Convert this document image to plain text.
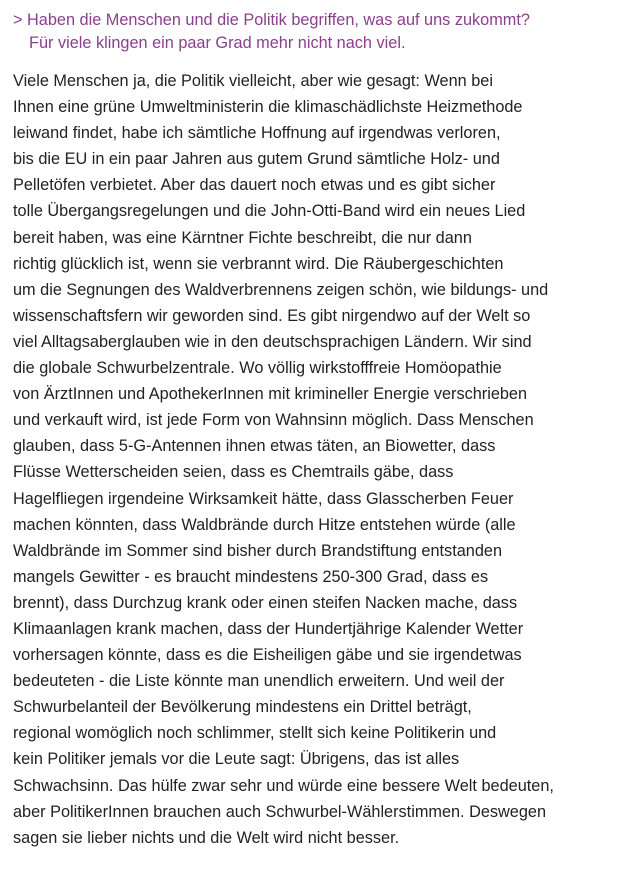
> Haben die Menschen und die Politik begriffen, was auf uns zukommt?
Für viele klingen ein paar Grad mehr nicht nach viel.
Viele Menschen ja, die Politik vielleicht, aber wie gesagt: Wenn bei
Ihnen eine grüne Umweltministerin die klimaschädlichste Heizmethode
leiwand findet, habe ich sämtliche Hoffnung auf irgendwas verloren,
bis die EU in ein paar Jahren aus gutem Grund sämtliche Holz- und
Pelletöfen verbietet. Aber das dauert noch etwas und es gibt sicher
tolle Übergangsregelungen und die John-Otti-Band wird ein neues Lied
bereit haben, was eine Kärntner Fichte beschreibt, die nur dann
richtig glücklich ist, wenn sie verbrannt wird. Die Räubergeschichten
um die Segnungen des Waldverbrennens zeigen schön, wie bildungs- und
wissenschaftsfern wir geworden sind. Es gibt nirgendwo auf der Welt so
viel Alltagsaberglauben wie in den deutschsprachigen Ländern. Wir sind
die globale Schwurbelzentrale. Wo völlig wirkstofffreie Homöopathie
von ÄrztInnen und ApothekerInnen mit krimineller Energie verschrieben
und verkauft wird, ist jede Form von Wahnsinn möglich. Dass Menschen
glauben, dass 5-G-Antennen ihnen etwas täten, an Biowetter, dass
Flüsse Wetterscheiden seien, dass es Chemtrails gäbe, dass
Hagelfliegen irgendeine Wirksamkeit hätte, dass Glasscherben Feuer
machen könnten, dass Waldbrände durch Hitze entstehen würde (alle
Waldbrände im Sommer sind bisher durch Brandstiftung entstanden
mangels Gewitter - es braucht mindestens 250-300 Grad, dass es
brennt), dass Durchzug krank oder einen steifen Nacken mache, dass
Klimaanlagen krank machen, dass der Hundertjährige Kalender Wetter
vorhersagen könnte, dass es die Eisheiligen gäbe und sie irgendetwas
bedeuteten - die Liste könnte man unendlich erweitern. Und weil der
Schwurbelanteil der Bevölkerung mindestens ein Drittel beträgt,
regional womöglich noch schlimmer, stellt sich keine Politikerin und
kein Politiker jemals vor die Leute sagt: Übrigens, das ist alles
Schwachsinn. Das hülfe zwar sehr und würde eine bessere Welt bedeuten,
aber PolitikerInnen brauchen auch Schwurbel-Wählerstimmen. Deswegen
sagen sie lieber nichts und die Welt wird nicht besser.
